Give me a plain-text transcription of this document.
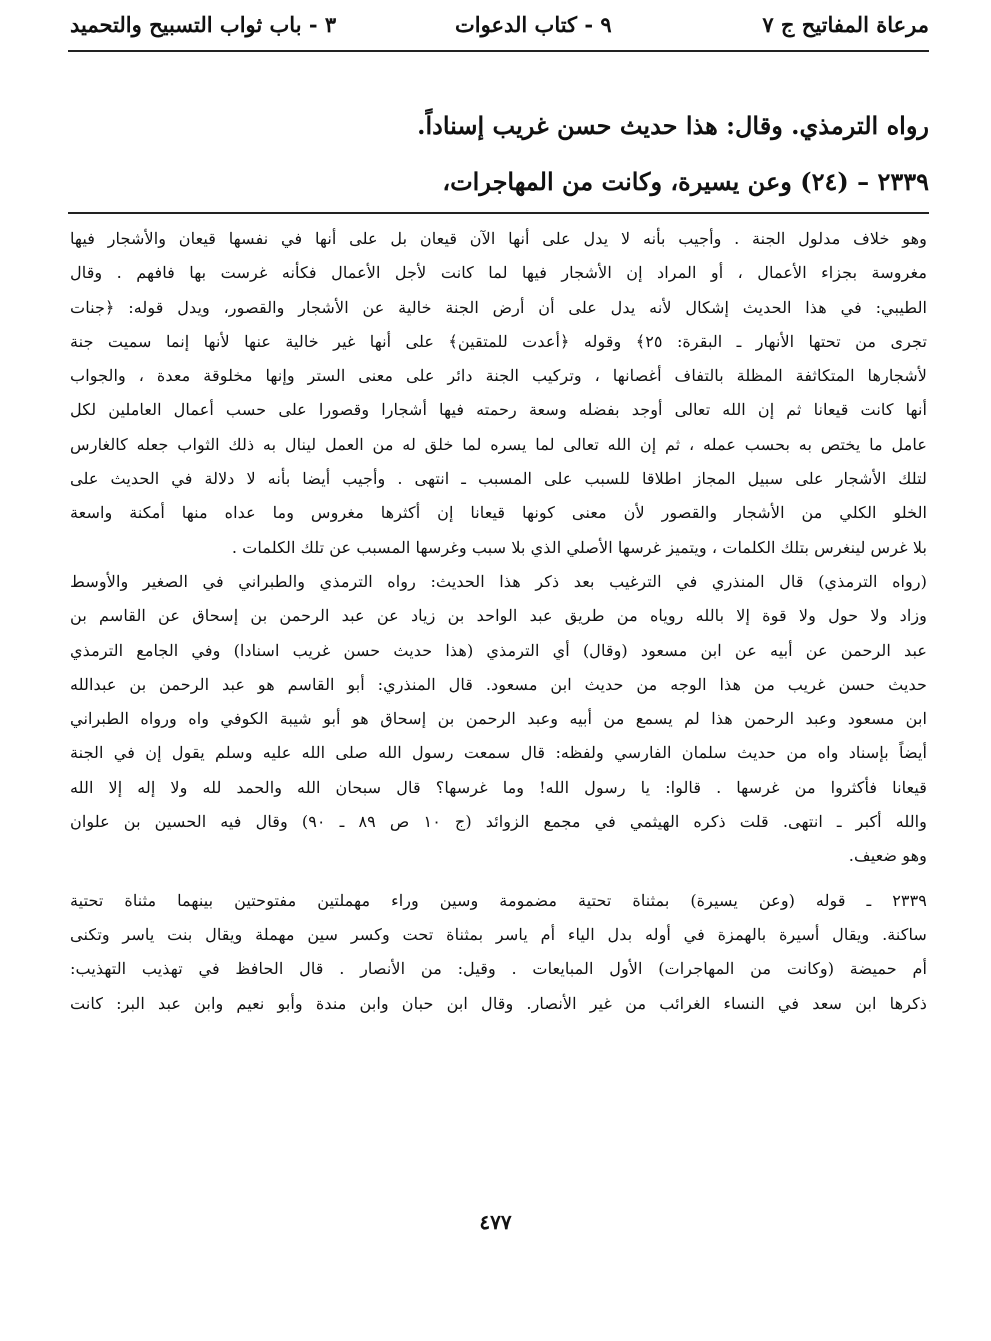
مرعاة المفاتيح ج ٧
٩ - كتاب الدعوات
٣ - باب ثواب التسبيح والتحميد
رواه الترمذي. وقال: هذا حديث حسن غريب إسناداً.
٢٣٣٩ – (٢٤) وعن يسيرة، وكانت من المهاجرات،
وهو خلاف مدلول الجنة . وأجيب بأنه لا يدل على أنها الآن قيعان بل على أنها في نفسها قيعان والأشجار فيها
مغروسة بجزاء الأعمال ، أو المراد إن الأشجار فيها لما كانت لأجل الأعمال فكأنه غرست بها فافهم . وقال
الطيبي: في هذا الحديث إشكال لأنه يدل على أن أرض الجنة خالية عن الأشجار والقصور، ويدل قوله: ﴿جنات
تجرى من تحتها الأنهار ـ البقرة: ٢٥﴾ وقوله ﴿أعدت للمتقين﴾ على أنها غير خالية عنها لأنها إنما سميت جنة
لأشجارها المتكاثفة المظلة بالتفاف أغصانها ، وتركيب الجنة دائر على معنى الستر وإنها مخلوقة معدة ، والجواب
أنها كانت قيعانا ثم إن الله تعالى أوجد بفضله وسعة رحمته فيها أشجارا وقصورا على حسب أعمال العاملين لكل
عامل ما يختص به بحسب عمله ، ثم إن الله تعالى لما يسره لما خلق له من العمل لينال به ذلك الثواب جعله كالغارس
لتلك الأشجار على سبيل المجاز اطلاقا للسبب على المسبب ـ انتهى . وأجيب أيضا بأنه لا دلالة في الحديث على
الخلو الكلي من الأشجار والقصور لأن معنى كونها قيعانا إن أكثرها مغروس وما عداه منها أمكنة واسعة
بلا غرس لينغرس بتلك الكلمات ، ويتميز غرسها الأصلي الذي بلا سبب وغرسها المسبب عن تلك الكلمات .
(رواه الترمذي) قال المنذري في الترغيب بعد ذكر هذا الحديث: رواه الترمذي والطبراني في الصغير والأوسط
وزاد ولا حول ولا قوة إلا بالله روياه من طريق عبد الواحد بن زياد عن عبد الرحمن بن إسحاق عن القاسم بن
عبد الرحمن عن أبيه عن ابن مسعود (وقال) أي الترمذي (هذا حديث حسن غريب اسنادا) وفي الجامع الترمذي
حديث حسن غريب من هذا الوجه من حديث ابن مسعود. قال المنذري: أبو القاسم هو عبد الرحمن بن عبدالله
ابن مسعود وعبد الرحمن هذا لم يسمع من أبيه وعبد الرحمن بن إسحاق هو أبو شيبة الكوفي واه ورواه الطبراني
أيضاً بإسناد واه من حديث سلمان الفارسي ولفظه: قال سمعت رسول الله صلى الله عليه وسلم يقول إن في الجنة
قيعانا فأكثروا من غرسها . قالوا: يا رسول الله! وما غرسها؟ قال سبحان الله والحمد لله ولا إله إلا الله
والله أكبر ـ انتهى. قلت ذكره الهيثمي في مجمع الزوائد (ج ١٠ ص ٨٩ ـ ٩٠) وقال فيه الحسين بن علوان
وهو ضعيف.
٢٣٣٩ ـ قوله (وعن يسيرة) بمثناة تحتية مضمومة وسين وراء مهملتين مفتوحتين بينهما مثناة تحتية
ساكنة. ويقال أسيرة بالهمزة في أوله بدل الياء أم ياسر بمثناة تحت وكسر سين مهملة ويقال بنت ياسر وتكنى
أم حميضة (وكانت من المهاجرات) الأول المبايعات . وقيل: من الأنصار . قال الحافظ في تهذيب التهذيب:
ذكرها ابن سعد في النساء الغرائب من غير الأنصار. وقال ابن حبان وابن مندة وأبو نعيم وابن عبد البر: كانت
٤٧٧
